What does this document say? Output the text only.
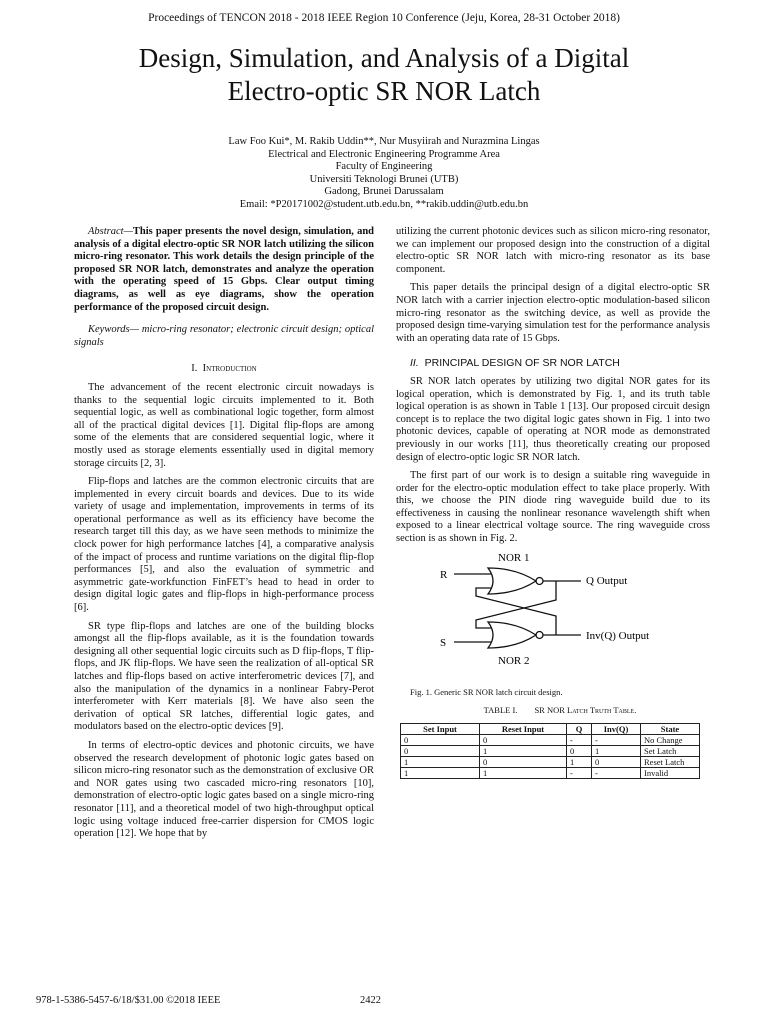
Proceedings of TENCON 2018 - 2018 IEEE Region 10 Conference (Jeju, Korea, 28-31 October 2018)
Design, Simulation, and Analysis of a Digital
Electro-optic SR NOR Latch
Law Foo Kui*, M. Rakib Uddin**, Nur Musyiirah and Nurazmina Lingas
Electrical and Electronic Engineering Programme Area
Faculty of Engineering
Universiti Teknologi Brunei (UTB)
Gadong, Brunei Darussalam
Email: *P20171002@student.utb.edu.bn, **rakib.uddin@utb.edu.bn

Abstract—This paper presents the novel design, simulation, and analysis of a digital electro-optic SR NOR latch utilizing the silicon micro-ring resonator. This work details the design principle of the proposed SR NOR latch, demonstrates and analyze the operation with the operating speed of 15 Gbps. Clear output timing diagrams, as well as eye diagrams, show the operation performance of the proposed circuit design.

Keywords— micro-ring resonator; electronic circuit design; optical signals

I. Introduction

The advancement of the recent electronic circuit nowadays is thanks to the sequential logic circuits implemented to it. Both sequential logic, as well as combinational logic together, form almost all of the practical digital devices [1]. Digital flip-flops are among some of the elements that are considered sequential logic, where it mostly used as storage elements essentially used in digital memory storage circuits [2, 3].

Flip-flops and latches are the common electronic circuits that are implemented in every circuit boards and devices. Due to its wide variety of usage and implementation, improvements in terms of its operational performance as well as its efficiency have become the research target till this day, as we have seen methods to minimize the clock power for high performance latches [4], a comparative analysis of the impact of process and runtime variations on the digital flip-flop performances [5], and also the evaluation of symmetric and asymmetric gate-workfunction FinFET’s head to head in order to design digital logic gates and flip-flops in high-performance process [6].

SR type flip-flops and latches are one of the building blocks amongst all the flip-flops available, as it is the foundation towards designing all other sequential logic circuits such as D flip-flops, T flip-flops, and JK flip-flops. We have seen the realization of all-optical SR latches and flip-flops based on active interferometric devices [7], and also the manipulation of the dynamics in a nonlinear Fabry-Perot interferometer with Kerr materials [8]. We have also seen the derivation of optical SR latches, differential logic gates, and modulators based on the electro-optic devices [9].

In terms of electro-optic devices and photonic circuits, we have observed the research development of photonic logic gates based on silicon micro-ring resonator such as the demonstration of exclusive OR and NOR gates using two cascaded micro-ring resonators [10], demonstration of electro-optic logic gates based on a single micro-ring resonator [11], and a theoretical model of two high-throughput optical logic using voltage induced free-carrier dispersion for CMOS logic operation [12]. We hope that by

utilizing the current photonic devices such as silicon micro-ring resonator, we can implement our proposed design into the construction of a digital electro-optic SR NOR latch with micro-ring resonator as its base component.

This paper details the principal design of a digital electro-optic SR NOR latch with a carrier injection electro-optic modulation-based silicon micro-ring resonator as the switching device, as well as provide the proposed design time-varying simulation test for the performance analysis with an operating data rate of 15 Gbps.

II. PRINCIPAL DESIGN OF SR NOR LATCH

SR NOR latch operates by utilizing two digital NOR gates for its logical operation, which is demonstrated by Fig. 1, and its truth table logical operation is as shown in Table 1 [13]. Our proposed circuit design concept is to replace the two digital logic gates shown in Fig. 1 into two photonic devices, capable of operating at NOR mode as demonstrated previously in our works [11], thus theoretically creating our proposed design of electro-optic logic SR NOR latch.

The first part of our work is to design a suitable ring waveguide in order for the electro-optic modulation effect to take place properly. With this, we choose the PIN diode ring waveguide build due to its effectiveness in causing the nonlinear resonance wavelength shift when exposed to a linear electrical voltage source. The ring waveguide cross section is as shown in Fig. 2.

NOR 1
NOR 2
R
S
Q Output
Inv(Q) Output

Fig. 1. Generic SR NOR latch circuit design.

TABLE I. SR NOR Latch Truth Table.

Set Input	Reset Input	Q	Inv(Q)	State
0	0	-	-	No Change
0	1	0	1	Set Latch
1	0	1	0	Reset Latch
1	1	-	-	Invalid
978-1-5386-5457-6/18/$31.00 ©2018 IEEE	2422
